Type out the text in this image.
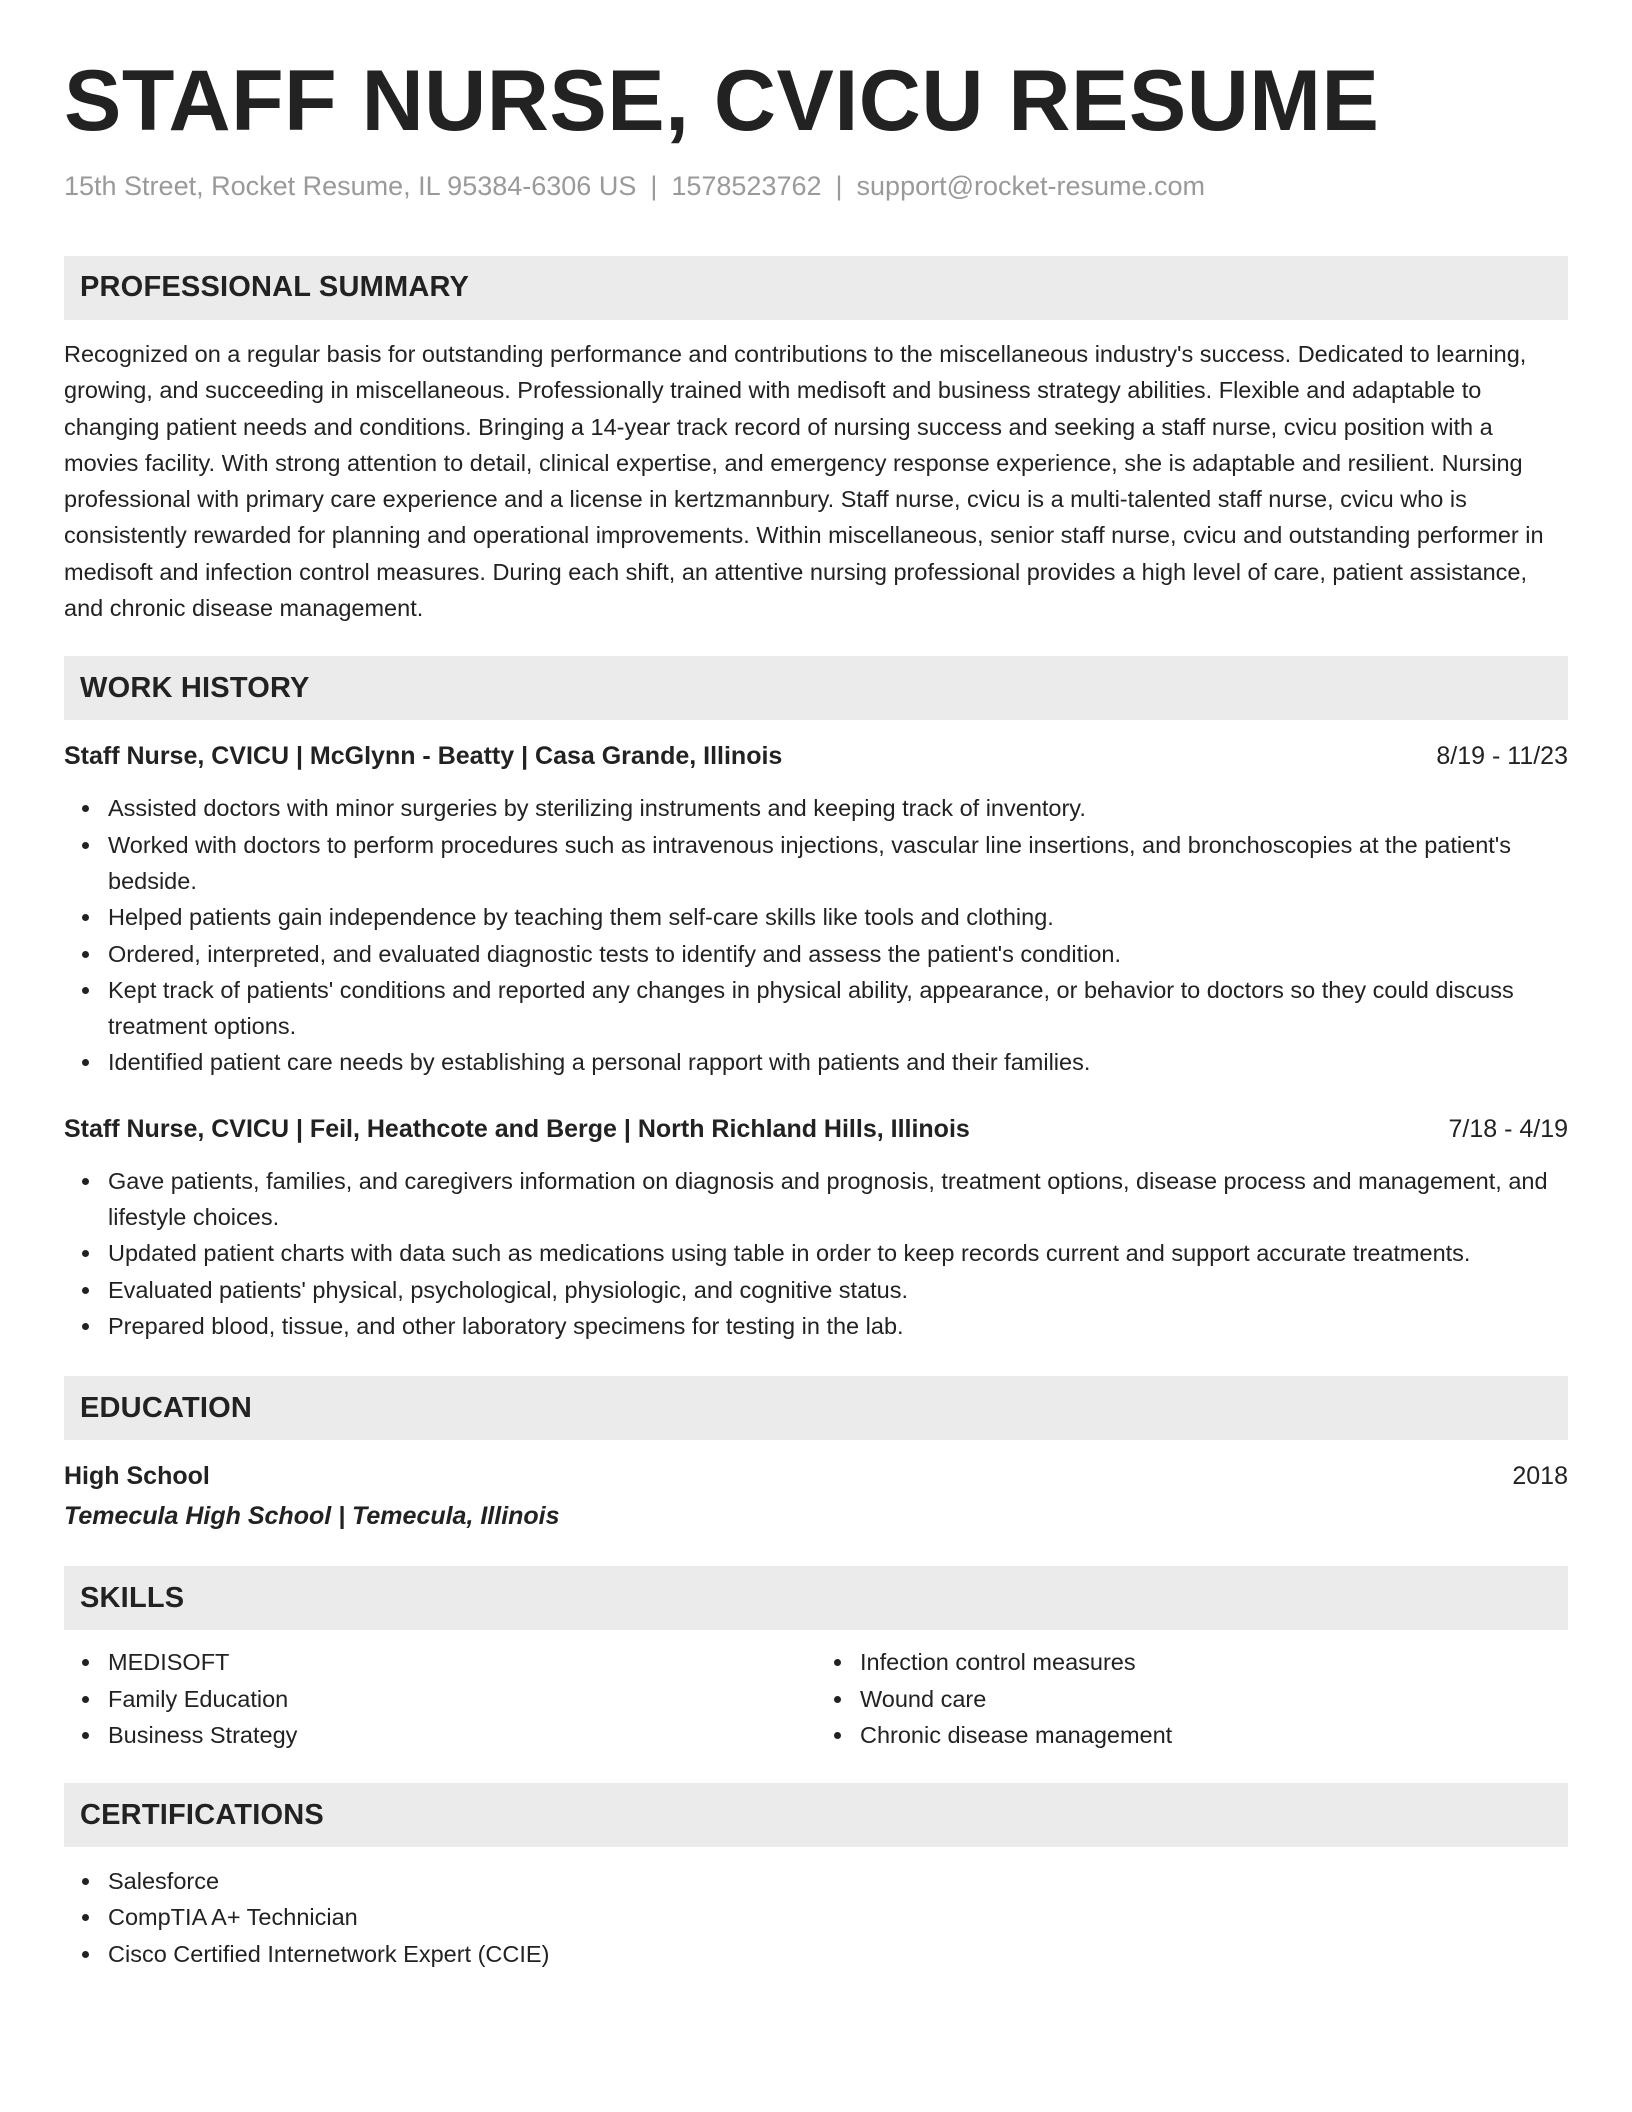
STAFF NURSE, CVICU RESUME
15th Street, Rocket Resume, IL 95384-6306 US | 1578523762 | support@rocket-resume.com
PROFESSIONAL SUMMARY
Recognized on a regular basis for outstanding performance and contributions to the miscellaneous industry's success. Dedicated to learning, growing, and succeeding in miscellaneous. Professionally trained with medisoft and business strategy abilities. Flexible and adaptable to changing patient needs and conditions. Bringing a 14-year track record of nursing success and seeking a staff nurse, cvicu position with a movies facility. With strong attention to detail, clinical expertise, and emergency response experience, she is adaptable and resilient. Nursing professional with primary care experience and a license in kertzmannbury. Staff nurse, cvicu is a multi-talented staff nurse, cvicu who is consistently rewarded for planning and operational improvements. Within miscellaneous, senior staff nurse, cvicu and outstanding performer in medisoft and infection control measures. During each shift, an attentive nursing professional provides a high level of care, patient assistance, and chronic disease management.
WORK HISTORY
Staff Nurse, CVICU | McGlynn - Beatty | Casa Grande, Illinois	8/19 - 11/23
Assisted doctors with minor surgeries by sterilizing instruments and keeping track of inventory.
Worked with doctors to perform procedures such as intravenous injections, vascular line insertions, and bronchoscopies at the patient's bedside.
Helped patients gain independence by teaching them self-care skills like tools and clothing.
Ordered, interpreted, and evaluated diagnostic tests to identify and assess the patient's condition.
Kept track of patients' conditions and reported any changes in physical ability, appearance, or behavior to doctors so they could discuss treatment options.
Identified patient care needs by establishing a personal rapport with patients and their families.
Staff Nurse, CVICU | Feil, Heathcote and Berge | North Richland Hills, Illinois	7/18 - 4/19
Gave patients, families, and caregivers information on diagnosis and prognosis, treatment options, disease process and management, and lifestyle choices.
Updated patient charts with data such as medications using table in order to keep records current and support accurate treatments.
Evaluated patients' physical, psychological, physiologic, and cognitive status.
Prepared blood, tissue, and other laboratory specimens for testing in the lab.
EDUCATION
High School	2018
Temecula High School | Temecula, Illinois
SKILLS
MEDISOFT
Family Education
Business Strategy
Infection control measures
Wound care
Chronic disease management
CERTIFICATIONS
Salesforce
CompTIA A+ Technician
Cisco Certified Internetwork Expert (CCIE)
